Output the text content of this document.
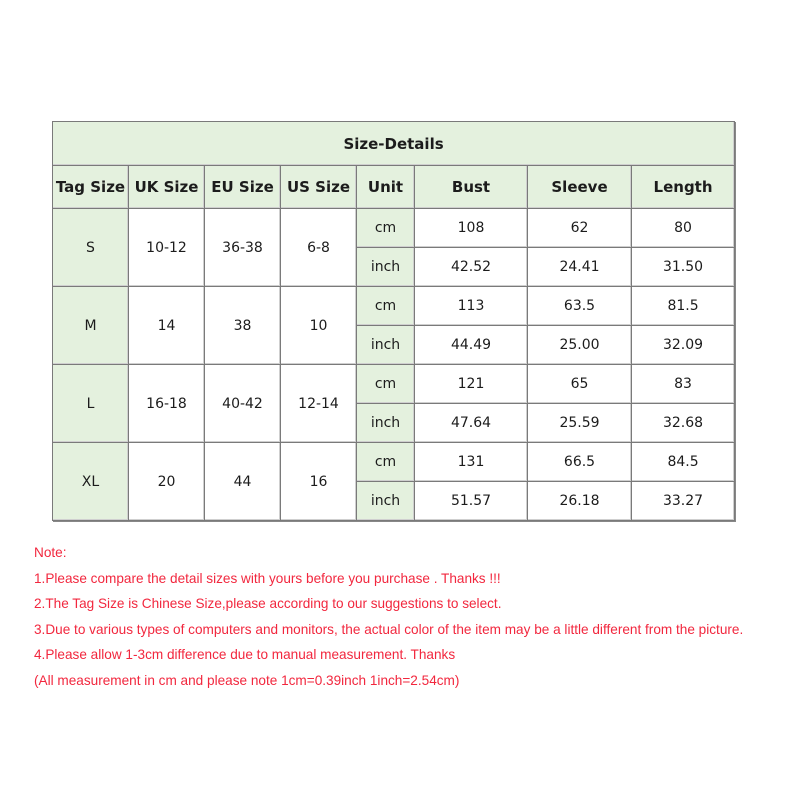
Size-Details							
Tag Size	UK Size	EU Size	US Size	Unit	Bust	Sleeve	Length
S	10-12	36-38	6-8	cm	108	62	80
				inch	42.52	24.41	31.50
M	14	38	10	cm	113	63.5	81.5
				inch	44.49	25.00	32.09
L	16-18	40-42	12-14	cm	121	65	83
				inch	47.64	25.59	32.68
XL	20	44	16	cm	131	66.5	84.5
				inch	51.57	26.18	33.27
Note:
1.Please compare the detail sizes with yours before you purchase . Thanks !!!
2.The Tag Size is Chinese Size,please according to our suggestions to select.
3.Due to various types of computers and monitors, the actual color of the item may be a little different from the picture.
4.Please allow 1-3cm difference due to manual measurement. Thanks
(All measurement in cm and please note 1cm=0.39inch 1inch=2.54cm)
